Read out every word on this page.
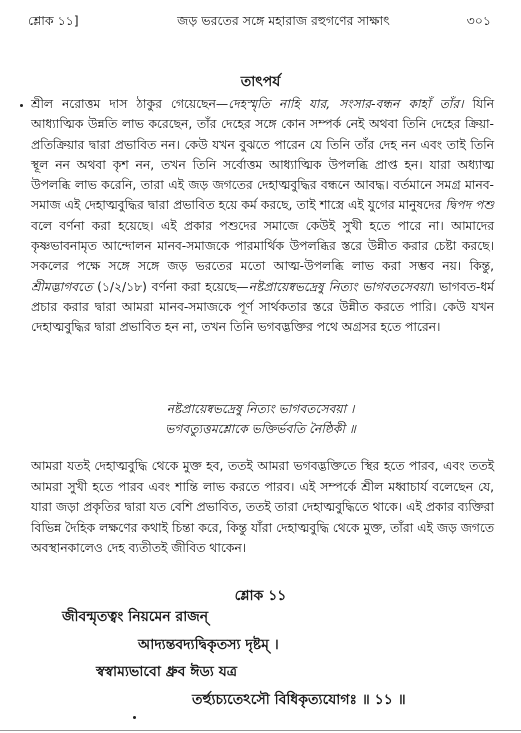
শ্লোক ১১]	জড় ভরতের সঙ্গে মহারাজ রহুগণের সাক্ষাৎ	৩০১
তাৎপর্য

শ্রীল নরোত্তম দাস ঠাকুর গেয়েছেন—দেহস্মৃতি নাহি যার, সংসার-বন্ধন কাহাঁ তাঁর। যিনি আধ্যাত্মিক উন্নতি লাভ করেছেন, তাঁর দেহের সঙ্গে কোন সম্পর্ক নেই অথবা তিনি দেহের ক্রিয়া-প্রতিক্রিয়ার দ্বারা প্রভাবিত নন। কেউ যখন বুঝতে পারেন যে তিনি তাঁর দেহ নন এবং তাই তিনি স্থূল নন অথবা কৃশ নন, তখন তিনি সর্বোত্তম আধ্যাত্মিক উপলব্ধি প্রাপ্ত হন। যারা অধ্যাত্ম উপলব্ধি লাভ করেনি, তারা এই জড় জগতের দেহাত্মবুদ্ধির বন্ধনে আবদ্ধ। বর্তমানে সমগ্র মানব-সমাজ এই দেহাত্মবুদ্ধির দ্বারা প্রভাবিত হয়ে কর্ম করছে, তাই শাস্ত্রে এই যুগের মানুষদের দ্বিপদ পশু বলে বর্ণনা করা হয়েছে। এই প্রকার পশুদের সমাজে কেউই সুখী হতে পারে না। আমাদের কৃষ্ণভাবনামৃত আন্দোলন মানব-সমাজকে পারমার্থিক উপলব্ধির স্তরে উন্নীত করার চেষ্টা করছে। সকলের পক্ষে সঙ্গে সঙ্গে জড় ভরতের মতো আত্ম-উপলব্ধি লাভ করা সম্ভব নয়। কিন্তু, শ্রীমদ্ভাগবতে (১/২/১৮) বর্ণনা করা হয়েছে—নষ্টপ্রায়েষ্বভদ্রেষু নিত্যং ভাগবতসেবয়া। ভাগবত-ধর্ম প্রচার করার দ্বারা আমরা মানব-সমাজকে পূর্ণ সার্থকতার স্তরে উন্নীত করতে পারি। কেউ যখন দেহাত্মবুদ্ধির দ্বারা প্রভাবিত হন না, তখন তিনি ভগবদ্ভক্তির পথে অগ্রসর হতে পারেন।

নষ্টপ্রায়েষ্বভদ্রেষু নিত্যং ভাগবতসেবয়া ।
ভগবত্যুত্তমশ্লোকে ভক্তির্ভবতি নৈষ্ঠিকী ॥

আমরা যতই দেহাত্মবুদ্ধি থেকে মুক্ত হব, ততই আমরা ভগবদ্ভক্তিতে স্থির হতে পারব, এবং ততই আমরা সুখী হতে পারব এবং শান্তি লাভ করতে পারব। এই সম্পর্কে শ্রীল মধ্বাচার্য বলেছেন যে, যারা জড়া প্রকৃতির দ্বারা যত বেশি প্রভাবিত, ততই তারা দেহাত্মবুদ্ধিতে থাকে। এই প্রকার ব্যক্তিরা বিভিন্ন দৈহিক লক্ষণের কথাই চিন্তা করে, কিন্তু যাঁরা দেহাত্মবুদ্ধি থেকে মুক্ত, তাঁরা এই জড় জগতে অবস্থানকালেও দেহ ব্যতীতই জীবিত থাকেন।

শ্লোক ১১
জীবন্মৃতত্বং নিয়মেন রাজন্
আদ্যন্তবদ্যদ্বিকৃতস্য দৃষ্টম্ ।
স্বস্বাম্যভাবো ধ্রুব ঈড্য যত্র
তর্হ্যুচ্যতেঽসৌ বিধিকৃত্যযোগঃ ॥ ১১ ॥
